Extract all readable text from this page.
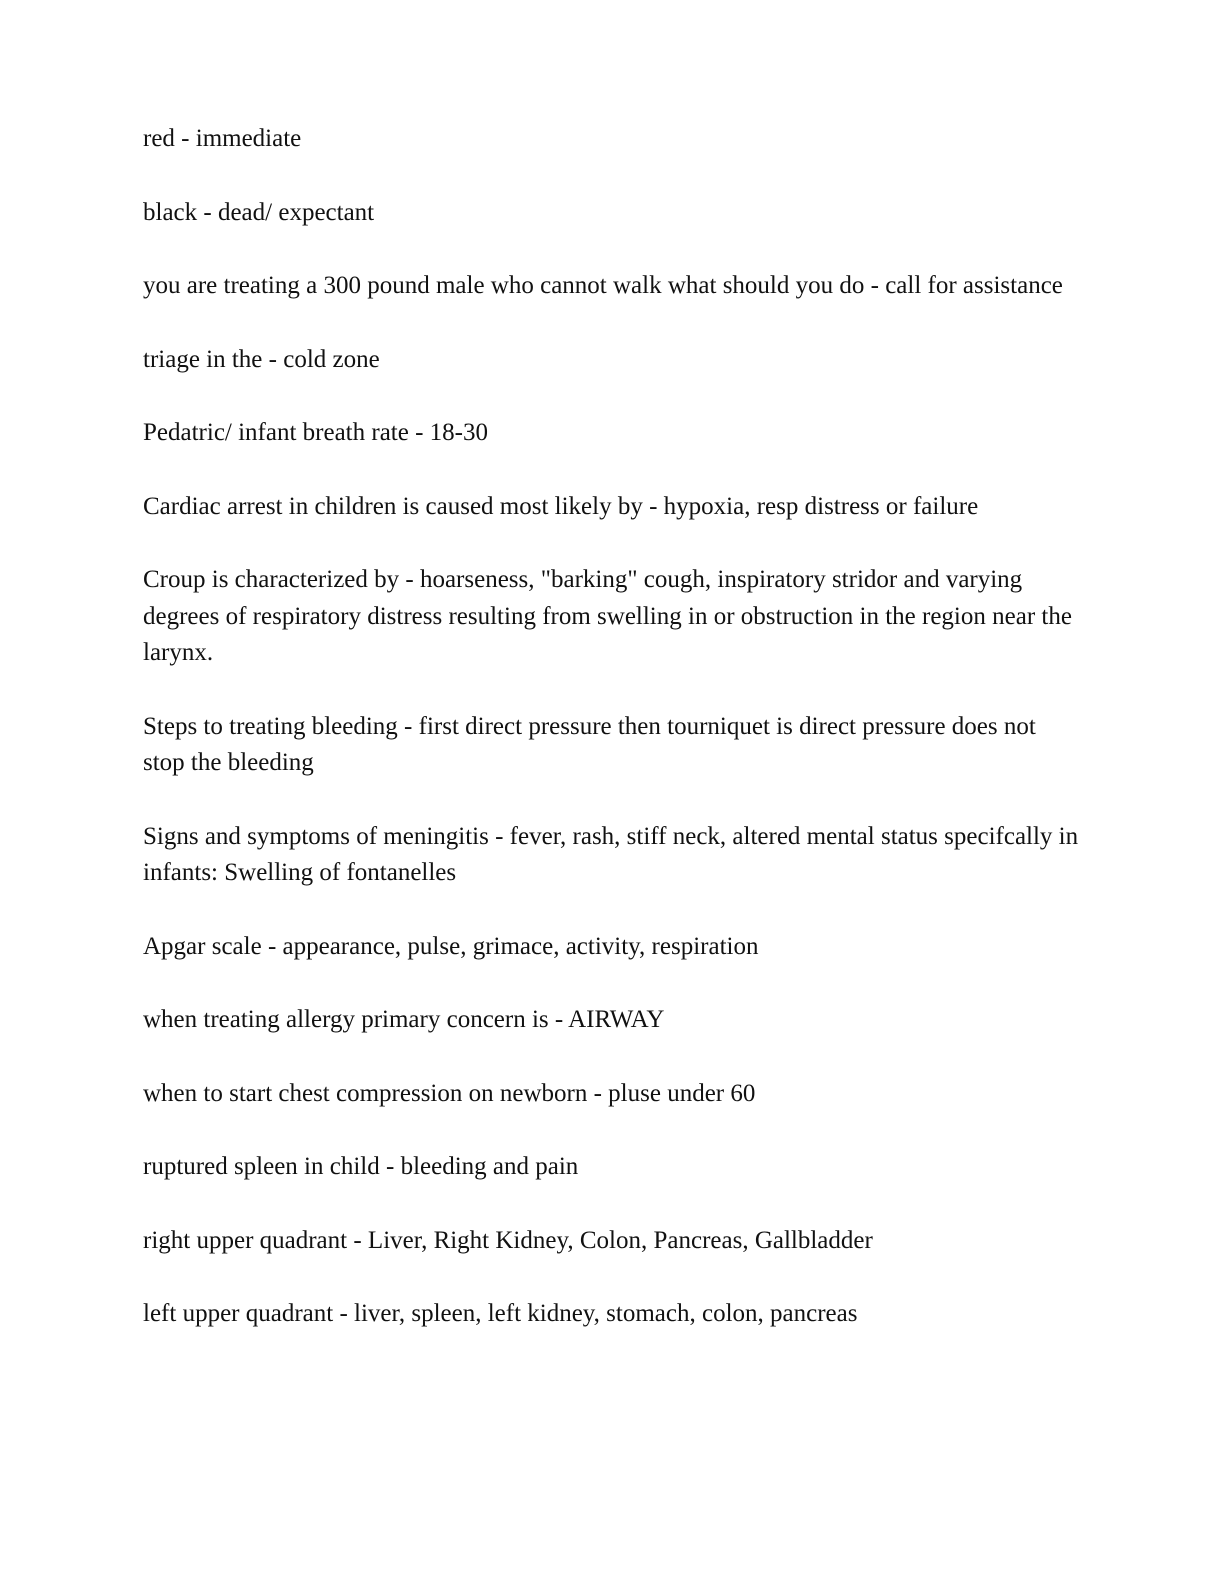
red - immediate

black - dead/ expectant

you are treating a 300 pound male who cannot walk what should you do - call for assistance

triage in the - cold zone

Pedatric/ infant breath rate - 18-30

Cardiac arrest in children is caused most likely by - hypoxia, resp distress or failure

Croup is characterized by - hoarseness, "barking" cough, inspiratory stridor and varying degrees of respiratory distress resulting from swelling in or obstruction in the region near the larynx.

Steps to treating bleeding - first direct pressure then tourniquet is direct pressure does not stop the bleeding

Signs and symptoms of meningitis - fever, rash, stiff neck, altered mental status specifcally in infants: Swelling of fontanelles

Apgar scale - appearance, pulse, grimace, activity, respiration

when treating allergy primary concern is - AIRWAY

when to start chest compression on newborn - pluse under 60

ruptured spleen in child - bleeding and pain

right upper quadrant - Liver, Right Kidney, Colon, Pancreas, Gallbladder

left upper quadrant - liver, spleen, left kidney, stomach, colon, pancreas
